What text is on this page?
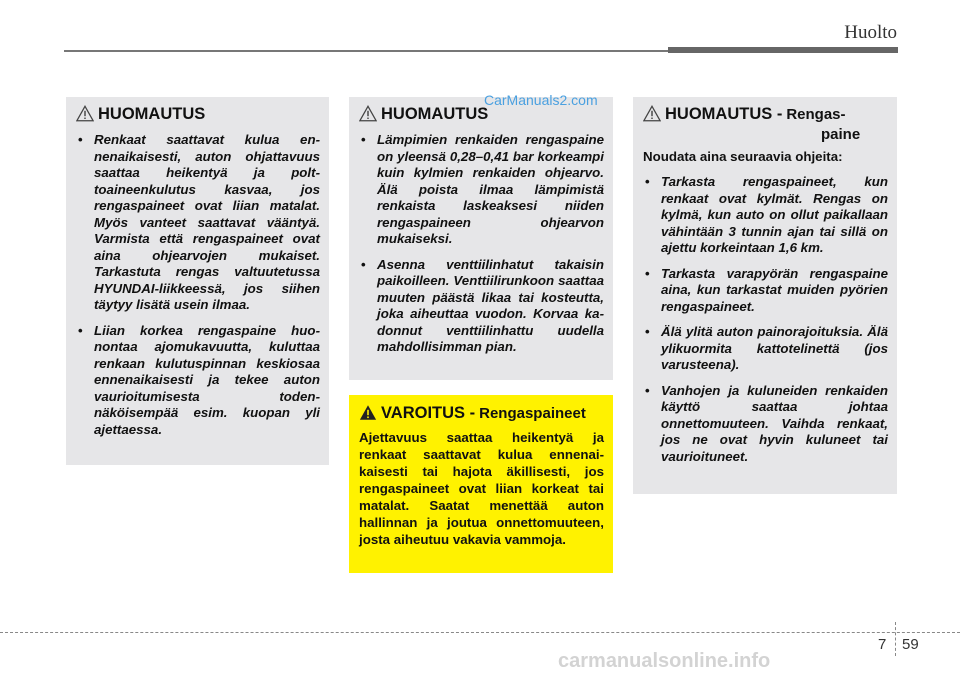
Huolto
HUOMAUTUS
• Renkaat saattavat kulua ennenaikaisesti, auton ohjattavuus saattaa heikentyä ja polttoaineenkulutus kasvaa, jos rengaspaineet ovat liian matalat. Myös vanteet saattavat vääntyä. Varmista että rengaspaineet ovat aina ohjearvojen mukaiset. Tarkastuta rengas valtuutetussa HYUNDAI-liikkeessä, jos siihen täytyy lisätä usein ilmaa.
• Liian korkea rengaspaine huonontaa ajomukavuutta, kuluttaa renkaan kulutuspinnan keskiosaa ennenaikaisesti ja tekee auton vaurioitumisesta todennäköisempää esim. kuopan yli ajettaessa.
HUOMAUTUS
• Lämpimien renkaiden rengaspaine on yleensä 0,28–0,41 bar korkeampi kuin kylmien renkaiden ohjearvo. Älä poista ilmaa lämpimistä renkaista laskeaksesi niiden rengaspaineen ohjearvon mukaiseksi.
• Asenna venttiilinhatut takaisin paikoilleen. Venttiilirunkoon saattaa muuten päästä likaa tai kosteutta, joka aiheuttaa vuodon. Korvaa kadonnut venttiilinhattu uudella mahdollisimman pian.
CarManuals2.com
VAROITUS - Rengaspaineet
Ajettavuus saattaa heikentyä ja renkaat saattavat kulua ennenaikaisesti tai hajota äkillisesti, jos rengaspaineet ovat liian korkeat tai matalat. Saatat menettää auton hallinnan ja joutua onnettomuuteen, josta aiheutuu vakavia vammoja.
HUOMAUTUS - Rengas-
paine
Noudata aina seuraavia ohjeita:
• Tarkasta rengaspaineet, kun renkaat ovat kylmät. Rengas on kylmä, kun auto on ollut paikallaan vähintään 3 tunnin ajan tai sillä on ajettu korkeintaan 1,6 km.
• Tarkasta varapyörän rengaspaine aina, kun tarkastat muiden pyörien rengaspaineet.
• Älä ylitä auton painorajoituksia. Älä ylikuormita kattotelinettä (jos varusteena).
• Vanhojen ja kuluneiden renkaiden käyttö saattaa johtaa onnettomuuteen. Vaihda renkaat, jos ne ovat hyvin kuluneet tai vaurioituneet.
7 59
carmanualsonline.info
